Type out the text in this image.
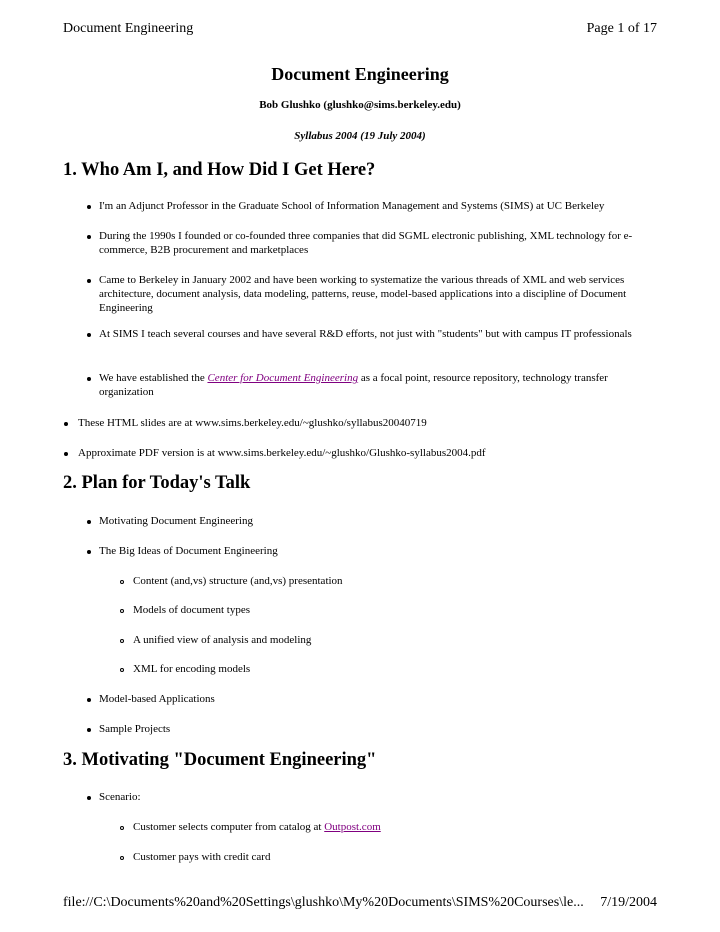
Document Engineering	Page 1 of 17
Document Engineering
Bob Glushko (glushko@sims.berkeley.edu)
Syllabus 2004 (19 July 2004)
1. Who Am I, and How Did I Get Here?
I'm an Adjunct Professor in the Graduate School of Information Management and Systems (SIMS) at UC Berkeley
During the 1990s I founded or co-founded three companies that did SGML electronic publishing, XML technology for e-commerce, B2B procurement and marketplaces
Came to Berkeley in January 2002 and have been working to systematize the various threads of XML and web services architecture, document analysis, data modeling, patterns, reuse, model-based applications into a discipline of Document Engineering
At SIMS I teach several courses and have several R&D efforts, not just with "students" but with campus IT professionals
We have established the Center for Document Engineering as a focal point, resource repository, technology transfer organization
These HTML slides are at www.sims.berkeley.edu/~glushko/syllabus20040719
Approximate PDF version is at www.sims.berkeley.edu/~glushko/Glushko-syllabus2004.pdf
2. Plan for Today's Talk
Motivating Document Engineering
The Big Ideas of Document Engineering
Content (and,vs) structure (and,vs) presentation
Models of document types
A unified view of analysis and modeling
XML for encoding models
Model-based Applications
Sample Projects
3. Motivating "Document Engineering"
Scenario:
Customer selects computer from catalog at Outpost.com
Customer pays with credit card
file://C:\Documents%20and%20Settings\glushko\My%20Documents\SIMS%20Courses\le... 7/19/2004
